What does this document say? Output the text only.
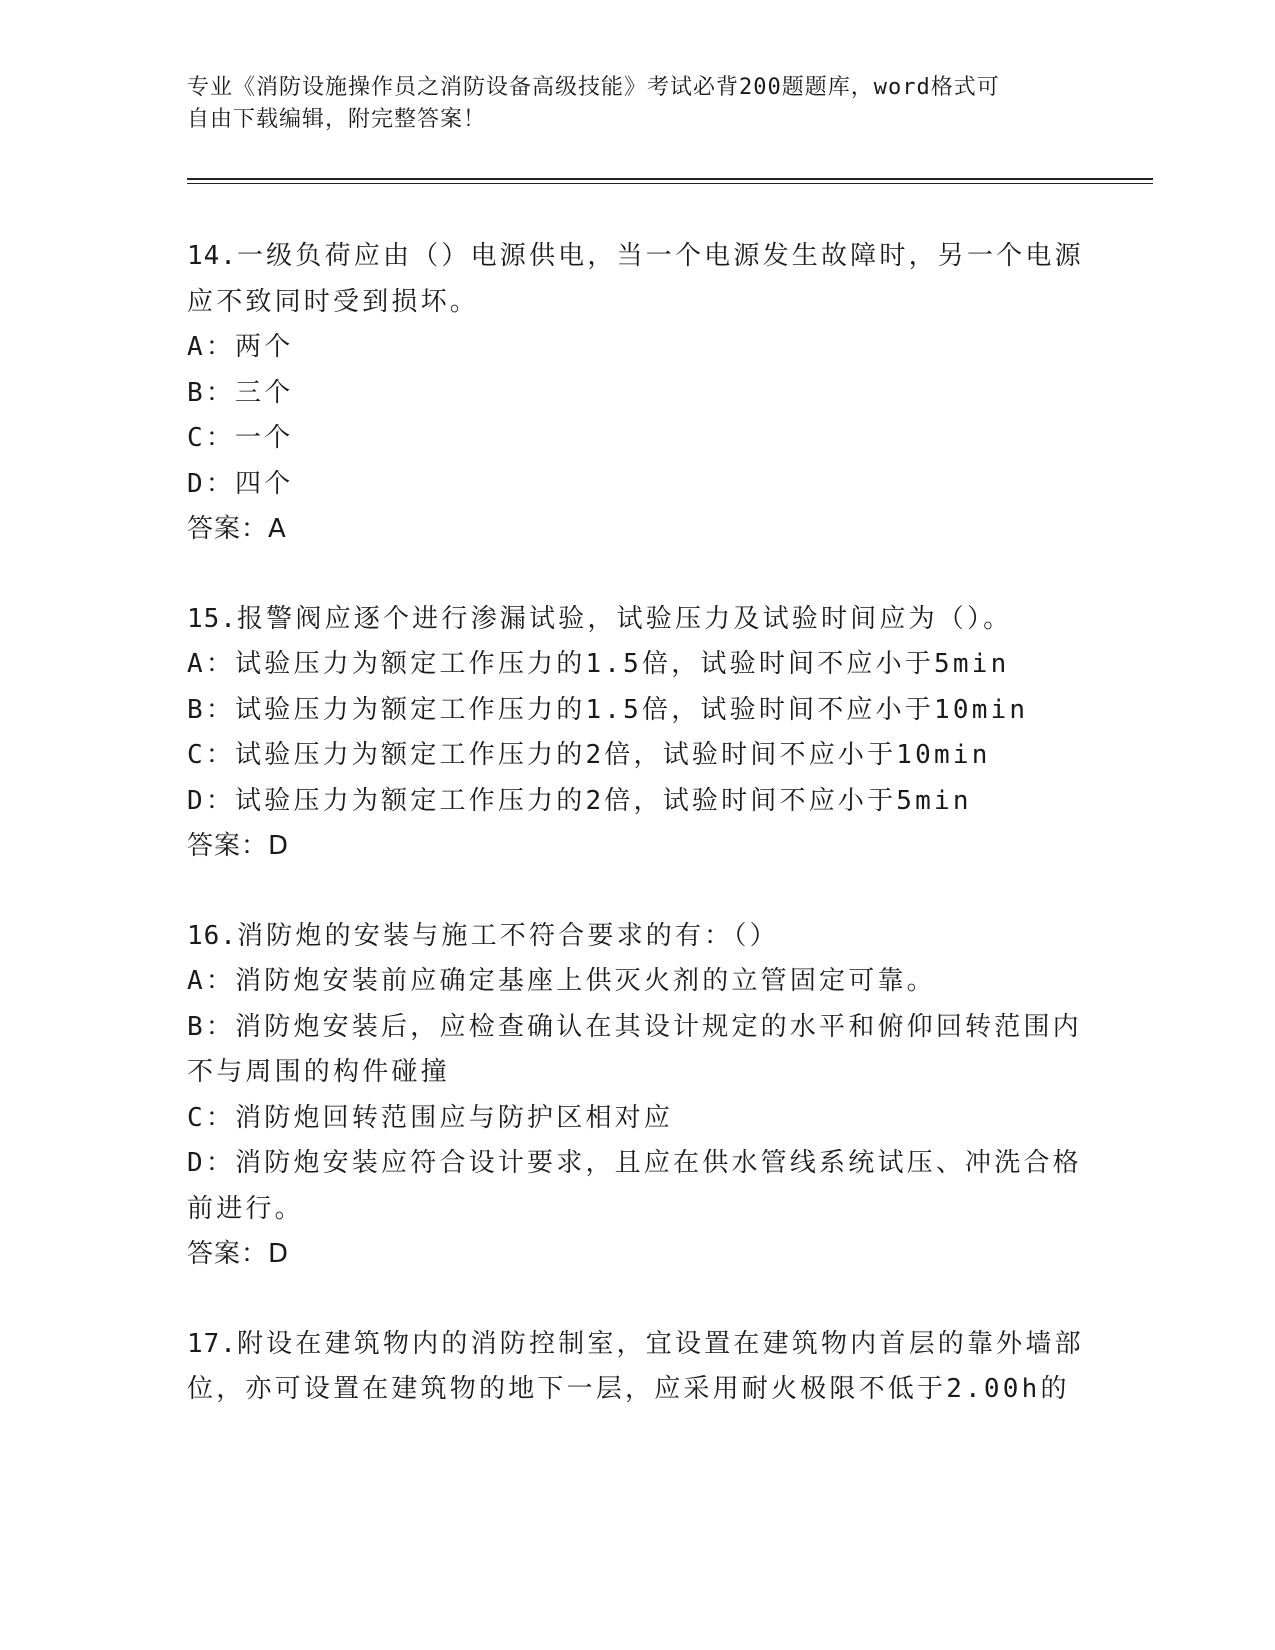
专业《消防设施操作员之消防设备高级技能》考试必背200题题库，word格式可
自由下载编辑，附完整答案！
14.一级负荷应由（）电源供电，当一个电源发生故障时，另一个电源应不致同时受到损坏。
A：两个
B：三个
C：一个
D：四个
答案：A
15.报警阀应逐个进行渗漏试验，试验压力及试验时间应为（）。
A：试验压力为额定工作压力的1.5倍，试验时间不应小于5min
B：试验压力为额定工作压力的1.5倍，试验时间不应小于10min
C：试验压力为额定工作压力的2倍，试验时间不应小于10min
D：试验压力为额定工作压力的2倍，试验时间不应小于5min
答案：D
16.消防炮的安装与施工不符合要求的有：（）
A：消防炮安装前应确定基座上供灭火剂的立管固定可靠。
B：消防炮安装后，应检查确认在其设计规定的水平和俯仰回转范围内不与周围的构件碰撞
C：消防炮回转范围应与防护区相对应
D：消防炮安装应符合设计要求，且应在供水管线系统试压、冲洗合格前进行。
答案：D
17.附设在建筑物内的消防控制室，宜设置在建筑物内首层的靠外墙部位，亦可设置在建筑物的地下一层，应采用耐火极限不低于2.00h的
